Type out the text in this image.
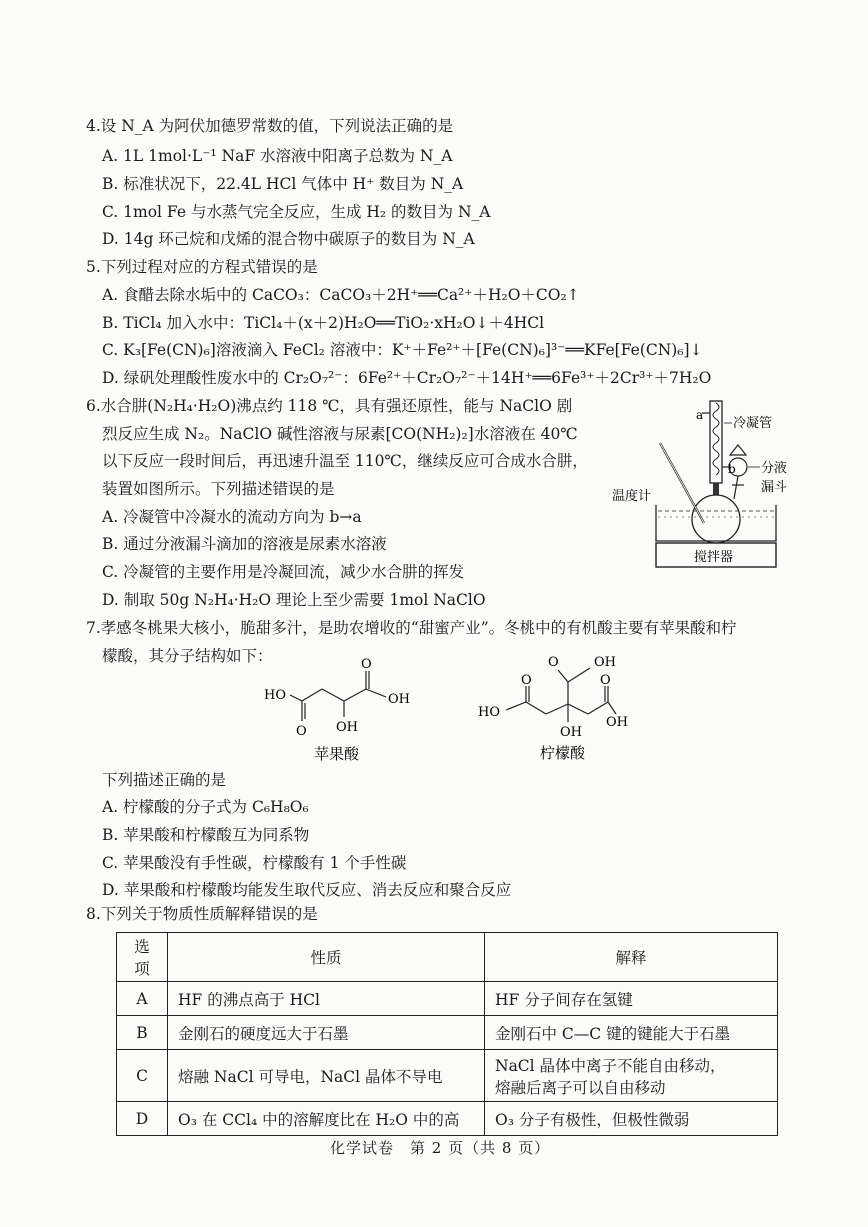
4.设 N_A 为阿伏加德罗常数的值，下列说法正确的是
A. 1L 1mol·L⁻¹ NaF 水溶液中阳离子总数为 N_A
B. 标准状况下，22.4L HCl 气体中 H⁺ 数目为 N_A
C. 1mol Fe 与水蒸气完全反应，生成 H₂ 的数目为 N_A
D. 14g 环己烷和戊烯的混合物中碳原子的数目为 N_A
5.下列过程对应的方程式错误的是
A. 食醋去除水垢中的 CaCO₃：CaCO₃＋2H⁺══Ca²⁺＋H₂O＋CO₂↑
B. TiCl₄ 加入水中：TiCl₄＋(x＋2)H₂O══TiO₂·xH₂O↓＋4HCl
C. K₃[Fe(CN)₆]溶液滴入 FeCl₂ 溶液中：K⁺＋Fe²⁺＋[Fe(CN)₆]³⁻══KFe[Fe(CN)₆]↓
D. 绿矾处理酸性废水中的 Cr₂O₇²⁻：6Fe²⁺＋Cr₂O₇²⁻＋14H⁺══6Fe³⁺＋2Cr³⁺＋7H₂O
6.水合肼(N₂H₄·H₂O)沸点约 118 ℃，具有强还原性，能与 NaClO 剧
烈反应生成 N₂。NaClO 碱性溶液与尿素[CO(NH₂)₂]水溶液在 40℃
以下反应一段时间后，再迅速升温至 110℃，继续反应可合成水合肼，
装置如图所示。下列描述错误的是
A. 冷凝管中冷凝水的流动方向为 b→a
B. 通过分液漏斗滴加的溶液是尿素水溶液
C. 冷凝管的主要作用是冷凝回流，减少水合肼的挥发
D. 制取 50g N₂H₄·H₂O 理论上至少需要 1mol NaClO
a
b
冷凝管
分液
漏斗
温度计
搅拌器
7.孝感冬桃果大核小，脆甜多汁，是助农增收的“甜蜜产业”。冬桃中的有机酸主要有苹果酸和柠
檬酸，其分子结构如下：
HO
O OH
O
OH
苹果酸
O	OH
HO
O
OH
O
OH
柠檬酸
下列描述正确的是
A. 柠檬酸的分子式为 C₆H₈O₆
B. 苹果酸和柠檬酸互为同系物
C. 苹果酸没有手性碳，柠檬酸有 1 个手性碳
D. 苹果酸和柠檬酸均能发生取代反应、消去反应和聚合反应
8.下列关于物质性质解释错误的是
选项	性质	解释
A	HF 的沸点高于 HCl	HF 分子间存在氢键
B	金刚石的硬度远大于石墨	金刚石中 C—C 键的键能大于石墨
C	熔融 NaCl 可导电，NaCl 晶体不导电	NaCl 晶体中离子不能自由移动，
熔融后离子可以自由移动

D	O₃ 在 CCl₄ 中的溶解度比在 H₂O 中的高	O₃ 分子有极性，但极性微弱
化学试卷　第 2 页（共 8 页）
